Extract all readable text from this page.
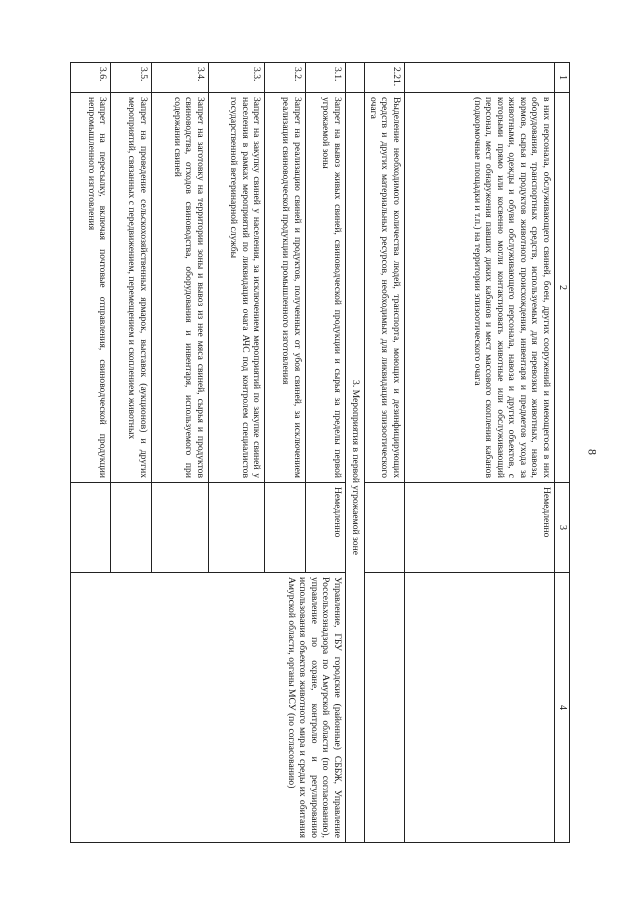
8
1	2	3	4
	в них персонала, обслуживающего свиней, боен, других сооружений и имеющегося в них оборудования, транспортных средств, используемых для перевозки животных, навоза, кормов, сырья и продуктов животного происхождения, инвентаря и предметов ухода за животными, одежды и обуви обслуживающего персонала, навоза и других объектов, с которыми прямо или косвенно могли контактировать животные или обслуживающий персонал, мест обнаружения павших диких кабанов и мест массового скопления кабанов (подкормочные площадки и т.п.) на территории эпизоотического очага	Немедленно	
2.21.	Выделение необходимого количества людей, транспорта, моющих и дезинфицирующих средств и других материальных ресурсов, необходимых для ликвидации эпизоотического очага		
	3. Мероприятия в первой угрожаемой зоне		
3.1.	Запрет на вывоз живых свиней, свиноводческой продукции и сырья за пределы первой угрожаемой зоны	Немедленно	Управление, ГБУ городские (районные) СББЖ, Управление Россельхознадзора по Амурской области (по согласованию), управление по охране, контролю и регулированию использования объектов животного мира и среды их обитания Амурской области, органы МСУ (по согласованию)
3.2.	Запрет на реализацию свиней и продуктов, полученных от убоя свиней, за исключением реализации свиноводческой продукции промышленного изготовления		
3.3.	Запрет на закупку свиней у населения, за исключением мероприятий по закупке свиней у населения в рамках мероприятий по ликвидации очага АЧС под контролем специалистов государственной ветеринарной службы		
3.4.	Запрет на заготовку на территории зоны и вывоз из нее мяса свиней, сырья и продуктов свиноводства, отходов свиноводства, оборудования и инвентаря, используемого при содержании свиней		
3.5.	Запрет на проведение сельскохозяйственных ярмарок, выставок (аукционов) и других мероприятий, связанных с передвижением, перемещением и скоплением животных		
3.6.	Запрет на пересылку, включая почтовые отправления, свиноводческой продукции непромышленного изготовления		
